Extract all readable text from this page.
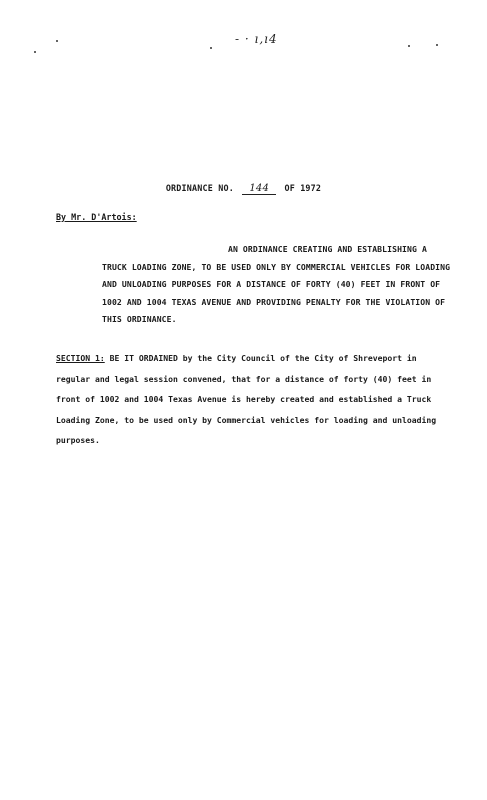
- · ı,ı4
ORDINANCE NO. 144 OF 1972
By Mr. D'Artois:
AN ORDINANCE CREATING AND ESTABLISHING A
TRUCK LOADING ZONE, TO BE USED ONLY BY COMMERCIAL VEHICLES FOR LOADING
AND UNLOADING PURPOSES FOR A DISTANCE OF FORTY (40) FEET IN FRONT OF
1002 AND 1004 TEXAS AVENUE AND PROVIDING PENALTY FOR THE VIOLATION OF
THIS ORDINANCE.
SECTION 1: BE IT ORDAINED by the City Council of the City of Shreveport in
regular and legal session convened, that for a distance of forty (40) feet in
front of 1002 and 1004 Texas Avenue is hereby created and established a Truck
Loading Zone, to be used only by Commercial vehicles for loading and unloading
purposes.
